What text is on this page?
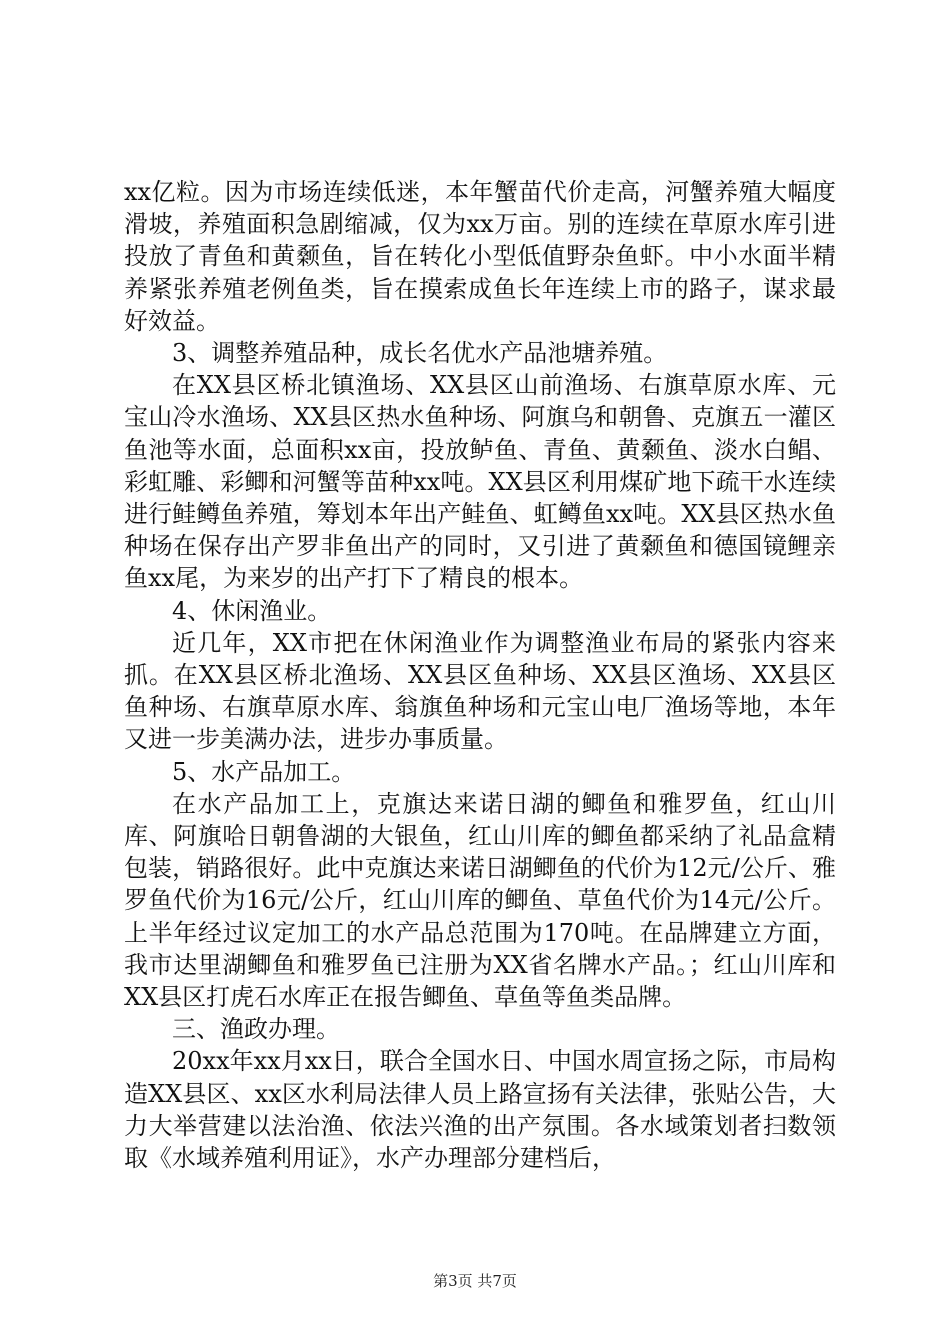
xx亿粒。因为市场连续低迷，本年蟹苗代价走高，河蟹养殖大幅度滑坡，养殖面积急剧缩减，仅为xx万亩。别的连续在草原水库引进投放了青鱼和黄颡鱼，旨在转化小型低值野杂鱼虾。中小水面半精养紧张养殖老例鱼类，旨在摸索成鱼长年连续上市的路子，谋求最好效益。

3、调整养殖品种，成长名优水产品池塘养殖。

在XX县区桥北镇渔场、XX县区山前渔场、右旗草原水库、元宝山冷水渔场、XX县区热水鱼种场、阿旗乌和朝鲁、克旗五一灌区鱼池等水面，总面积xx亩，投放鲈鱼、青鱼、黄颡鱼、淡水白鲳、彩虹雕、彩鲫和河蟹等苗种xx吨。XX县区利用煤矿地下疏干水连续进行鲑鳟鱼养殖，筹划本年出产鲑鱼、虹鳟鱼xx吨。XX县区热水鱼种场在保存出产罗非鱼出产的同时，又引进了黄颡鱼和德国镜鲤亲鱼xx尾，为来岁的出产打下了精良的根本。

4、休闲渔业。

近几年，XX市把在休闲渔业作为调整渔业布局的紧张内容来抓。在XX县区桥北渔场、XX县区鱼种场、XX县区渔场、XX县区鱼种场、右旗草原水库、翁旗鱼种场和元宝山电厂渔场等地，本年又进一步美满办法，进步办事质量。

5、水产品加工。

在水产品加工上，克旗达来诺日湖的鲫鱼和雅罗鱼，红山川库、阿旗哈日朝鲁湖的大银鱼，红山川库的鲫鱼都采纳了礼品盒精包装，销路很好。此中克旗达来诺日湖鲫鱼的代价为12元/公斤、雅罗鱼代价为16元/公斤，红山川库的鲫鱼、草鱼代价为14元/公斤。上半年经过议定加工的水产品总范围为170吨。在品牌建立方面，我市达里湖鲫鱼和雅罗鱼已注册为XX省名牌水产品。；红山川库和XX县区打虎石水库正在报告鲫鱼、草鱼等鱼类品牌。

三、渔政办理。

20xx年xx月xx日，联合全国水日、中国水周宣扬之际，市局构造XX县区、xx区水利局法律人员上路宣扬有关法律，张贴公告，大力大举营建以法治渔、依法兴渔的出产氛围。各水域策划者扫数领取《水域养殖利用证》，水产办理部分建档后，

第3页 共7页
